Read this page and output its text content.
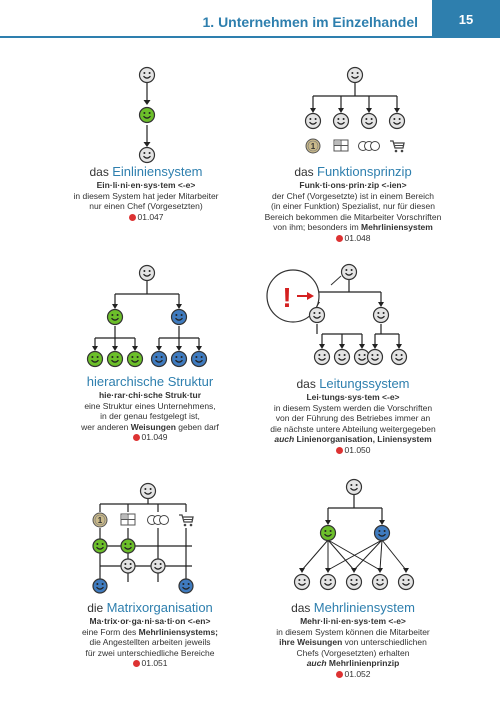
1. Unternehmen im Einzelhandel	15
das Einliniensystem
Ein·li·ni·en·sys·tem <-e>
in diesem System hat jeder Mitarbeiter
nur einen Chef (Vorgesetzten)
01.047
1
das Funktionsprinzip
Funk·ti·ons·prin·zip <-ien>
der Chef (Vorgesetzte) ist in einem Bereich
(in einer Funktion) Spezialist, nur für diesen
Bereich bekommen die Mitarbeiter Vorschriften
von ihm; besonders im Mehrliniensystem
01.048
hierarchische Struktur
hie·rar·chi·sche Struk·tur
eine Struktur eines Unternehmens,
in der genau festgelegt ist,
wer anderen Weisungen geben darf
01.049
!
das Leitungssystem
Lei·tungs·sys·tem <-e>
in diesem System werden die Vorschriften
von der Führung des Betriebes immer an
die nächste untere Abteilung weitergegeben
auch Linienorganisation, Liniensystem
01.050
1
die Matrixorganisation
Ma·trix·or·ga·ni·sa·ti·on <-en>
eine Form des Mehrliniensystems;
die Angestellten arbeiten jeweils
für zwei unterschiedliche Bereiche
01.051
das Mehrliniensystem
Mehr·li·ni·en·sys·tem <-e>
in diesem System können die Mitarbeiter
ihre Weisungen von unterschiedlichen
Chefs (Vorgesetzten) erhalten
auch Mehrlinienprinzip
01.052
